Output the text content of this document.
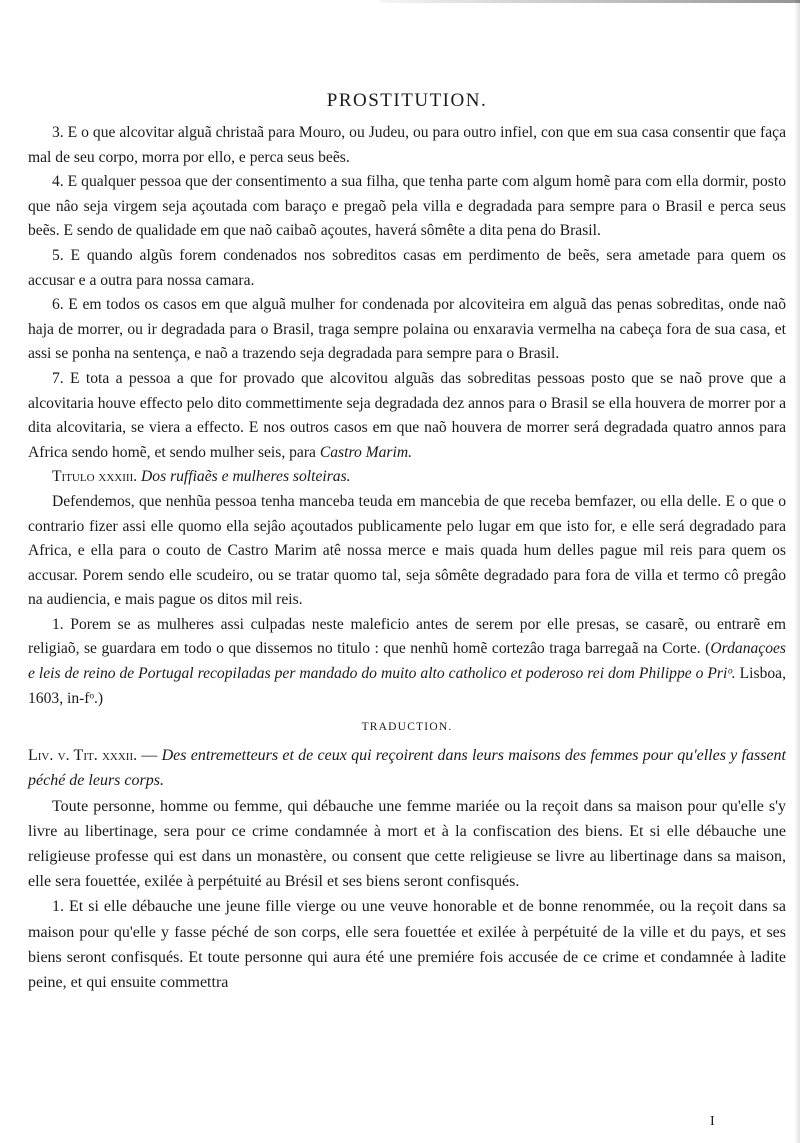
PROSTITUTION.

3. E o que alcovitar alguã christaã para Mouro, ou Judeu, ou para outro infiel, con que em sua casa consentir que faça mal de seu corpo, morra por ello, e perca seus beẽs.

4. E qualquer pessoa que der consentimento a sua filha, que tenha parte com algum homẽ para com ella dormir, posto que nâo seja virgem seja açoutada com baraço e pregaõ pela villa e degradada para sempre para o Brasil e perca seus beẽs. E sendo de qualidade em que naõ caibaõ açoutes, haverá sômête a dita pena do Brasil.

5. E quando algũs forem condenados nos sobreditos casas em perdimento de beẽs, sera ametade para quem os accusar e a outra para nossa camara.

6. E em todos os casos em que alguã mulher for condenada por alcoviteira em alguã das penas sobreditas, onde naõ haja de morrer, ou ir degradada para o Brasil, traga sempre polaina ou enxaravia vermelha na cabeça fora de sua casa, et assi se ponha na sentença, e naõ a trazendo seja degradada para sempre para o Brasil.

7. E tota a pessoa a que for provado que alcovitou alguãs das sobreditas pessoas posto que se naõ prove que a alcovitaria houve effecto pelo dito commettimente seja degradada dez annos para o Brasil se ella houvera de morrer por a dita alcovitaria, se viera a effecto. E nos outros casos em que naõ houvera de morrer será degradada quatro annos para Africa sendo homẽ, et sendo mulher seis, para Castro Marim.

Titulo xxxiii. Dos ruffiaẽs e mulheres solteiras.

Defendemos, que nenhũa pessoa tenha manceba teuda em mancebia de que receba bemfazer, ou ella delle. E o que o contrario fizer assi elle quomo ella sejâo açoutados publicamente pelo lugar em que isto for, e elle será degradado para Africa, e ella para o couto de Castro Marim atê nossa merce e mais quada hum delles pague mil reis para quem os accusar. Porem sendo elle scudeiro, ou se tratar quomo tal, seja sômête degradado para fora de villa et termo cô pregâo na audiencia, e mais pague os ditos mil reis.

1. Porem se as mulheres assi culpadas neste maleficio antes de serem por elle presas, se casarẽ, ou entrarẽ em religiaõ, se guardara em todo o que dissemos no titulo : que nenhũ homẽ cortezâo traga barregaã na Corte. (Ordanaçoes e leis de reino de Portugal recopiladas per mandado do muito alto catholico et poderoso rei dom Philippe o Priᵒ. Lisboa, 1603, in-fᵒ.)

TRADUCTION.

Liv. v. Tit. xxxii. — Des entremetteurs et de ceux qui reçoirent dans leurs maisons des femmes pour qu'elles y fassent péché de leurs corps.

Toute personne, homme ou femme, qui débauche une femme mariée ou la reçoit dans sa maison pour qu'elle s'y livre au libertinage, sera pour ce crime condamnée à mort et à la confiscation des biens. Et si elle débauche une religieuse professe qui est dans un monastère, ou consent que cette religieuse se livre au libertinage dans sa maison, elle sera fouettée, exilée à perpétuité au Brésil et ses biens seront confisqués.

1. Et si elle débauche une jeune fille vierge ou une veuve honorable et de bonne renommée, ou la reçoit dans sa maison pour qu'elle y fasse péché de son corps, elle sera fouettée et exilée à perpétuité de la ville et du pays, et ses biens seront confisqués. Et toute personne qui aura été une premiére fois accusée de ce crime et condamnée à ladite peine, et qui ensuite commettra

I
